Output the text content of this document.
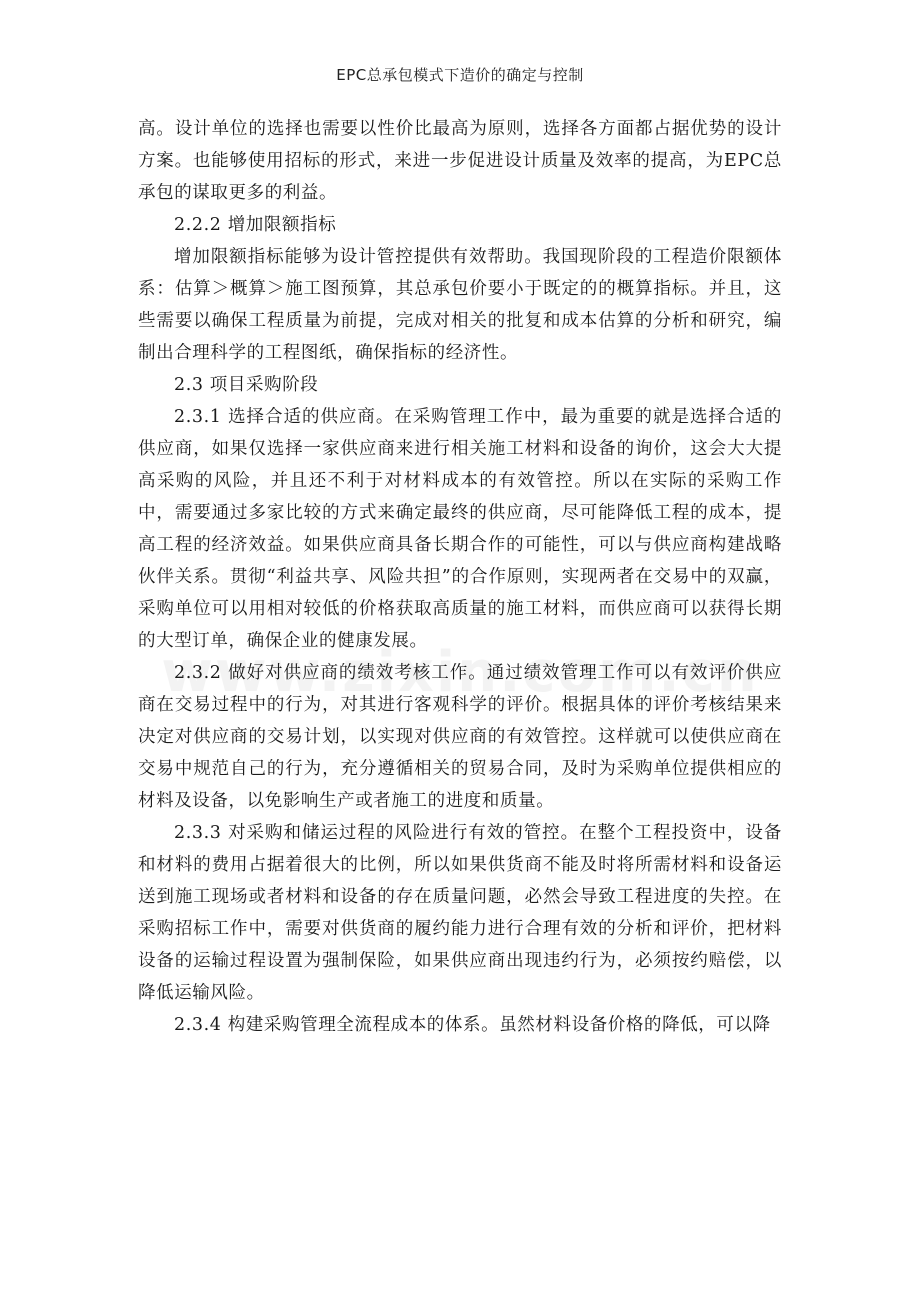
EPC总承包模式下造价的确定与控制

高。设计单位的选择也需要以性价比最高为原则，选择各方面都占据优势的设计方案。也能够使用招标的形式，来进一步促进设计质量及效率的提高，为EPC总承包的谋取更多的利益。

2.2.2 增加限额指标

增加限额指标能够为设计管控提供有效帮助。我国现阶段的工程造价限额体系：估算＞概算＞施工图预算，其总承包价要小于既定的的概算指标。并且，这些需要以确保工程质量为前提，完成对相关的批复和成本估算的分析和研究，编制出合理科学的工程图纸，确保指标的经济性。

2.3 项目采购阶段

2.3.1 选择合适的供应商。在采购管理工作中，最为重要的就是选择合适的供应商，如果仅选择一家供应商来进行相关施工材料和设备的询价，这会大大提高采购的风险，并且还不利于对材料成本的有效管控。所以在实际的采购工作中，需要通过多家比较的方式来确定最终的供应商，尽可能降低工程的成本，提高工程的经济效益。如果供应商具备长期合作的可能性，可以与供应商构建战略伙伴关系。贯彻“利益共享、风险共担”的合作原则，实现两者在交易中的双赢，采购单位可以用相对较低的价格获取高质量的施工材料，而供应商可以获得长期的大型订单，确保企业的健康发展。

2.3.2 做好对供应商的绩效考核工作。通过绩效管理工作可以有效评价供应商在交易过程中的行为，对其进行客观科学的评价。根据具体的评价考核结果来决定对供应商的交易计划，以实现对供应商的有效管控。这样就可以使供应商在交易中规范自己的行为，充分遵循相关的贸易合同，及时为采购单位提供相应的材料及设备，以免影响生产或者施工的进度和质量。

2.3.3 对采购和储运过程的风险进行有效的管控。在整个工程投资中，设备和材料的费用占据着很大的比例，所以如果供货商不能及时将所需材料和设备运送到施工现场或者材料和设备的存在质量问题，必然会导致工程进度的失控。在采购招标工作中，需要对供货商的履约能力进行合理有效的分析和评价，把材料设备的运输过程设置为强制保险，如果供应商出现违约行为，必须按约赔偿，以降低运输风险。

2.3.4 构建采购管理全流程成本的体系。虽然材料设备价格的降低，可以降
